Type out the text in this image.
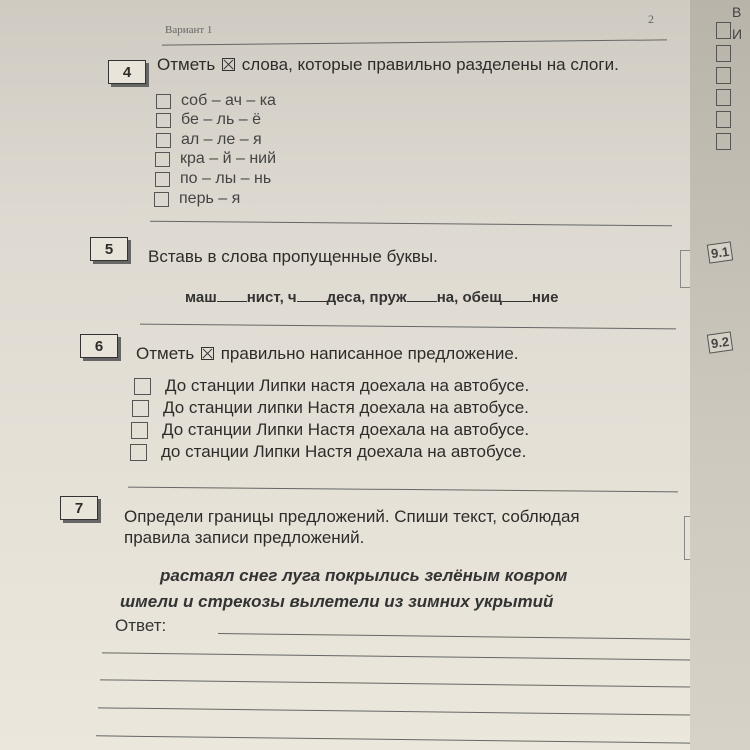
2
Вариант 1
4	Отметь слова, которые правильно разделены на слоги.
соб – ач – ка
бе – ль – ё
ал – ле – я
кра – й – ний
по – лы – нь
перь – я
5	Вставь в слова пропущенные буквы.
маш нист, ч деса, пруж на, обещ ние
6	Отметь правильно написанное предложение.
До станции Липки настя доехала на автобусе.
До станции липки Настя доехала на автобусе.
До станции Липки Настя доехала на автобусе.
до станции Липки Настя доехала на автобусе.
7	Определи границы предложений. Спиши текст, соблюдая
правила записи предложений.
растаял снег луга покрылись зелёным ковром
шмели и стрекозы вылетели из зимних укрытий
Ответ:
В
И
9.1
9.2
